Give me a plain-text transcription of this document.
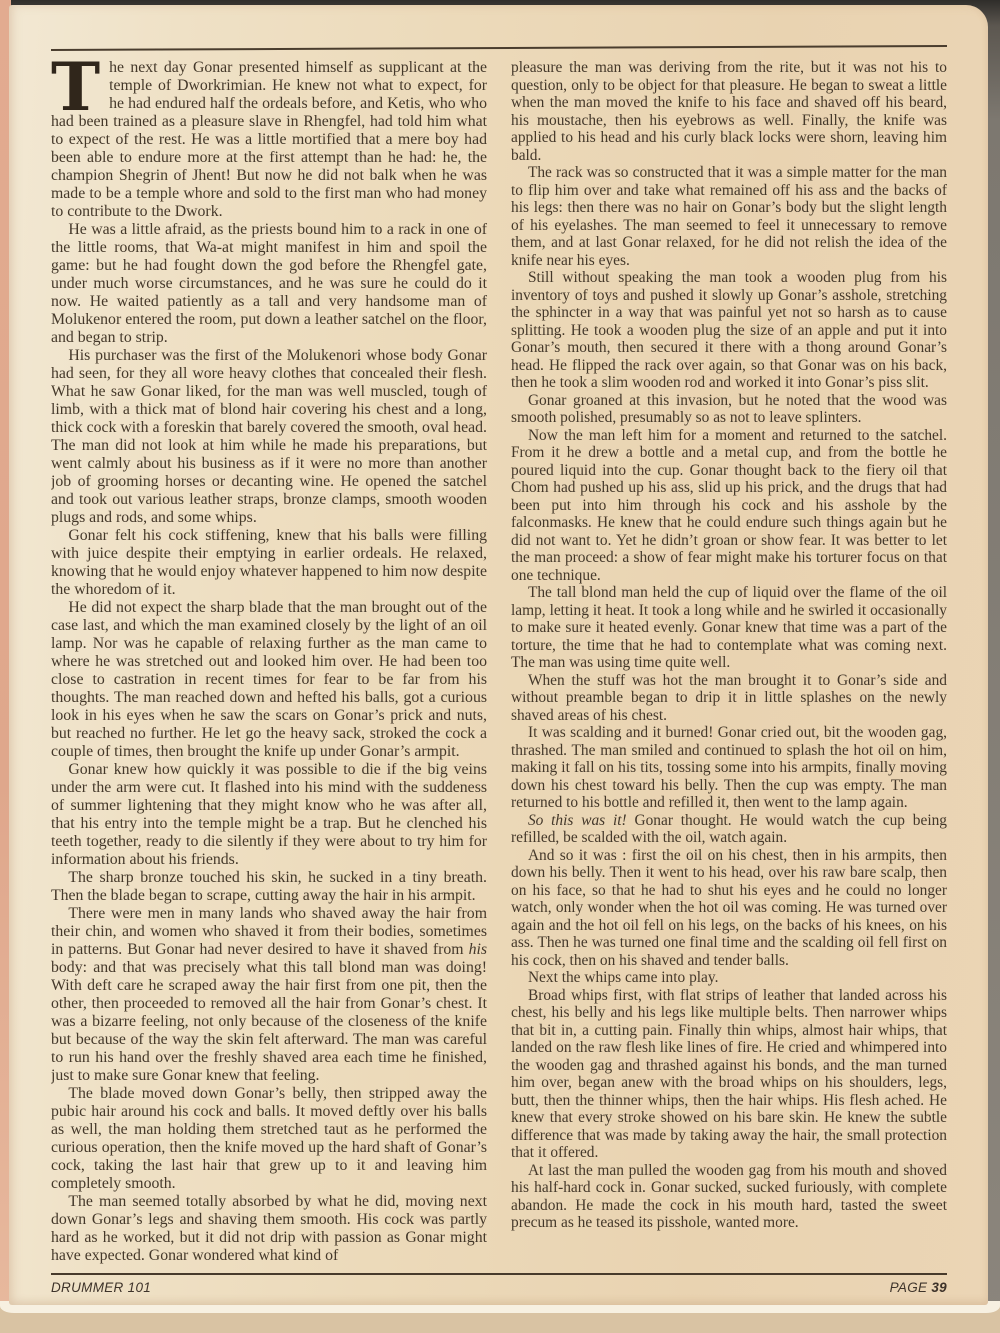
The next day Gonar presented himself as supplicant at the temple of Dworkrimian. He knew not what to expect, for he had endured half the ordeals before, and Ketis, who who had been trained as a pleasure slave in Rhengfel, had told him what to expect of the rest. He was a little mortified that a mere boy had been able to endure more at the first attempt than he had: he, the champion Shegrin of Jhent! But now he did not balk when he was made to be a temple whore and sold to the first man who had money to contribute to the Dwork.

He was a little afraid, as the priests bound him to a rack in one of the little rooms, that Wa-at might manifest in him and spoil the game: but he had fought down the god before the Rhengfel gate, under much worse circumstances, and he was sure he could do it now. He waited patiently as a tall and very handsome man of Molukenor entered the room, put down a leather satchel on the floor, and began to strip.

His purchaser was the first of the Molukenori whose body Gonar had seen, for they all wore heavy clothes that concealed their flesh. What he saw Gonar liked, for the man was well muscled, tough of limb, with a thick mat of blond hair covering his chest and a long, thick cock with a foreskin that barely covered the smooth, oval head. The man did not look at him while he made his preparations, but went calmly about his business as if it were no more than another job of grooming horses or decanting wine. He opened the satchel and took out various leather straps, bronze clamps, smooth wooden plugs and rods, and some whips.

Gonar felt his cock stiffening, knew that his balls were filling with juice despite their emptying in earlier ordeals. He relaxed, knowing that he would enjoy whatever happened to him now despite the whoredom of it.

He did not expect the sharp blade that the man brought out of the case last, and which the man examined closely by the light of an oil lamp. Nor was he capable of relaxing further as the man came to where he was stretched out and looked him over. He had been too close to castration in recent times for fear to be far from his thoughts. The man reached down and hefted his balls, got a curious look in his eyes when he saw the scars on Gonar’s prick and nuts, but reached no further. He let go the heavy sack, stroked the cock a couple of times, then brought the knife up under Gonar’s armpit.

Gonar knew how quickly it was possible to die if the big veins under the arm were cut. It flashed into his mind with the suddeness of summer lightening that they might know who he was after all, that his entry into the temple might be a trap. But he clenched his teeth together, ready to die silently if they were about to try him for information about his friends.

The sharp bronze touched his skin, he sucked in a tiny breath. Then the blade began to scrape, cutting away the hair in his armpit.

There were men in many lands who shaved away the hair from their chin, and women who shaved it from their bodies, sometimes in patterns. But Gonar had never desired to have it shaved from his body: and that was precisely what this tall blond man was doing! With deft care he scraped away the hair first from one pit, then the other, then proceeded to removed all the hair from Gonar’s chest. It was a bizarre feeling, not only because of the closeness of the knife but because of the way the skin felt afterward. The man was careful to run his hand over the freshly shaved area each time he finished, just to make sure Gonar knew that feeling.

The blade moved down Gonar’s belly, then stripped away the pubic hair around his cock and balls. It moved deftly over his balls as well, the man holding them stretched taut as he performed the curious operation, then the knife moved up the hard shaft of Gonar’s cock, taking the last hair that grew up to it and leaving him completely smooth.

The man seemed totally absorbed by what he did, moving next down Gonar’s legs and shaving them smooth. His cock was partly hard as he worked, but it did not drip with passion as Gonar might have expected. Gonar wondered what kind of

pleasure the man was deriving from the rite, but it was not his to question, only to be object for that pleasure. He began to sweat a little when the man moved the knife to his face and shaved off his beard, his moustache, then his eyebrows as well. Finally, the knife was applied to his head and his curly black locks were shorn, leaving him bald.

The rack was so constructed that it was a simple matter for the man to flip him over and take what remained off his ass and the backs of his legs: then there was no hair on Gonar’s body but the slight length of his eyelashes. The man seemed to feel it unnecessary to remove them, and at last Gonar relaxed, for he did not relish the idea of the knife near his eyes.

Still without speaking the man took a wooden plug from his inventory of toys and pushed it slowly up Gonar’s asshole, stretching the sphincter in a way that was painful yet not so harsh as to cause splitting. He took a wooden plug the size of an apple and put it into Gonar’s mouth, then secured it there with a thong around Gonar’s head. He flipped the rack over again, so that Gonar was on his back, then he took a slim wooden rod and worked it into Gonar’s piss slit.

Gonar groaned at this invasion, but he noted that the wood was smooth polished, presumably so as not to leave splinters.

Now the man left him for a moment and returned to the satchel. From it he drew a bottle and a metal cup, and from the bottle he poured liquid into the cup. Gonar thought back to the fiery oil that Chom had pushed up his ass, slid up his prick, and the drugs that had been put into him through his cock and his asshole by the falconmasks. He knew that he could endure such things again but he did not want to. Yet he didn’t groan or show fear. It was better to let the man proceed: a show of fear might make his torturer focus on that one technique.

The tall blond man held the cup of liquid over the flame of the oil lamp, letting it heat. It took a long while and he swirled it occasionally to make sure it heated evenly. Gonar knew that time was a part of the torture, the time that he had to contemplate what was coming next. The man was using time quite well.

When the stuff was hot the man brought it to Gonar’s side and without preamble began to drip it in little splashes on the newly shaved areas of his chest.

It was scalding and it burned! Gonar cried out, bit the wooden gag, thrashed. The man smiled and continued to splash the hot oil on him, making it fall on his tits, tossing some into his armpits, finally moving down his chest toward his belly. Then the cup was empty. The man returned to his bottle and refilled it, then went to the lamp again.

So this was it! Gonar thought. He would watch the cup being refilled, be scalded with the oil, watch again.

And so it was : first the oil on his chest, then in his armpits, then down his belly. Then it went to his head, over his raw bare scalp, then on his face, so that he had to shut his eyes and he could no longer watch, only wonder when the hot oil was coming. He was turned over again and the hot oil fell on his legs, on the backs of his knees, on his ass. Then he was turned one final time and the scalding oil fell first on his cock, then on his shaved and tender balls.

Next the whips came into play.

Broad whips first, with flat strips of leather that landed across his chest, his belly and his legs like multiple belts. Then narrower whips that bit in, a cutting pain. Finally thin whips, almost hair whips, that landed on the raw flesh like lines of fire. He cried and whimpered into the wooden gag and thrashed against his bonds, and the man turned him over, began anew with the broad whips on his shoulders, legs, butt, then the thinner whips, then the hair whips. His flesh ached. He knew that every stroke showed on his bare skin. He knew the subtle difference that was made by taking away the hair, the small protection that it offered.

At last the man pulled the wooden gag from his mouth and shoved his half-hard cock in. Gonar sucked, sucked furiously, with complete abandon. He made the cock in his mouth hard, tasted the sweet precum as he teased its pisshole, wanted more.

DRUMMER 101	PAGE 39
